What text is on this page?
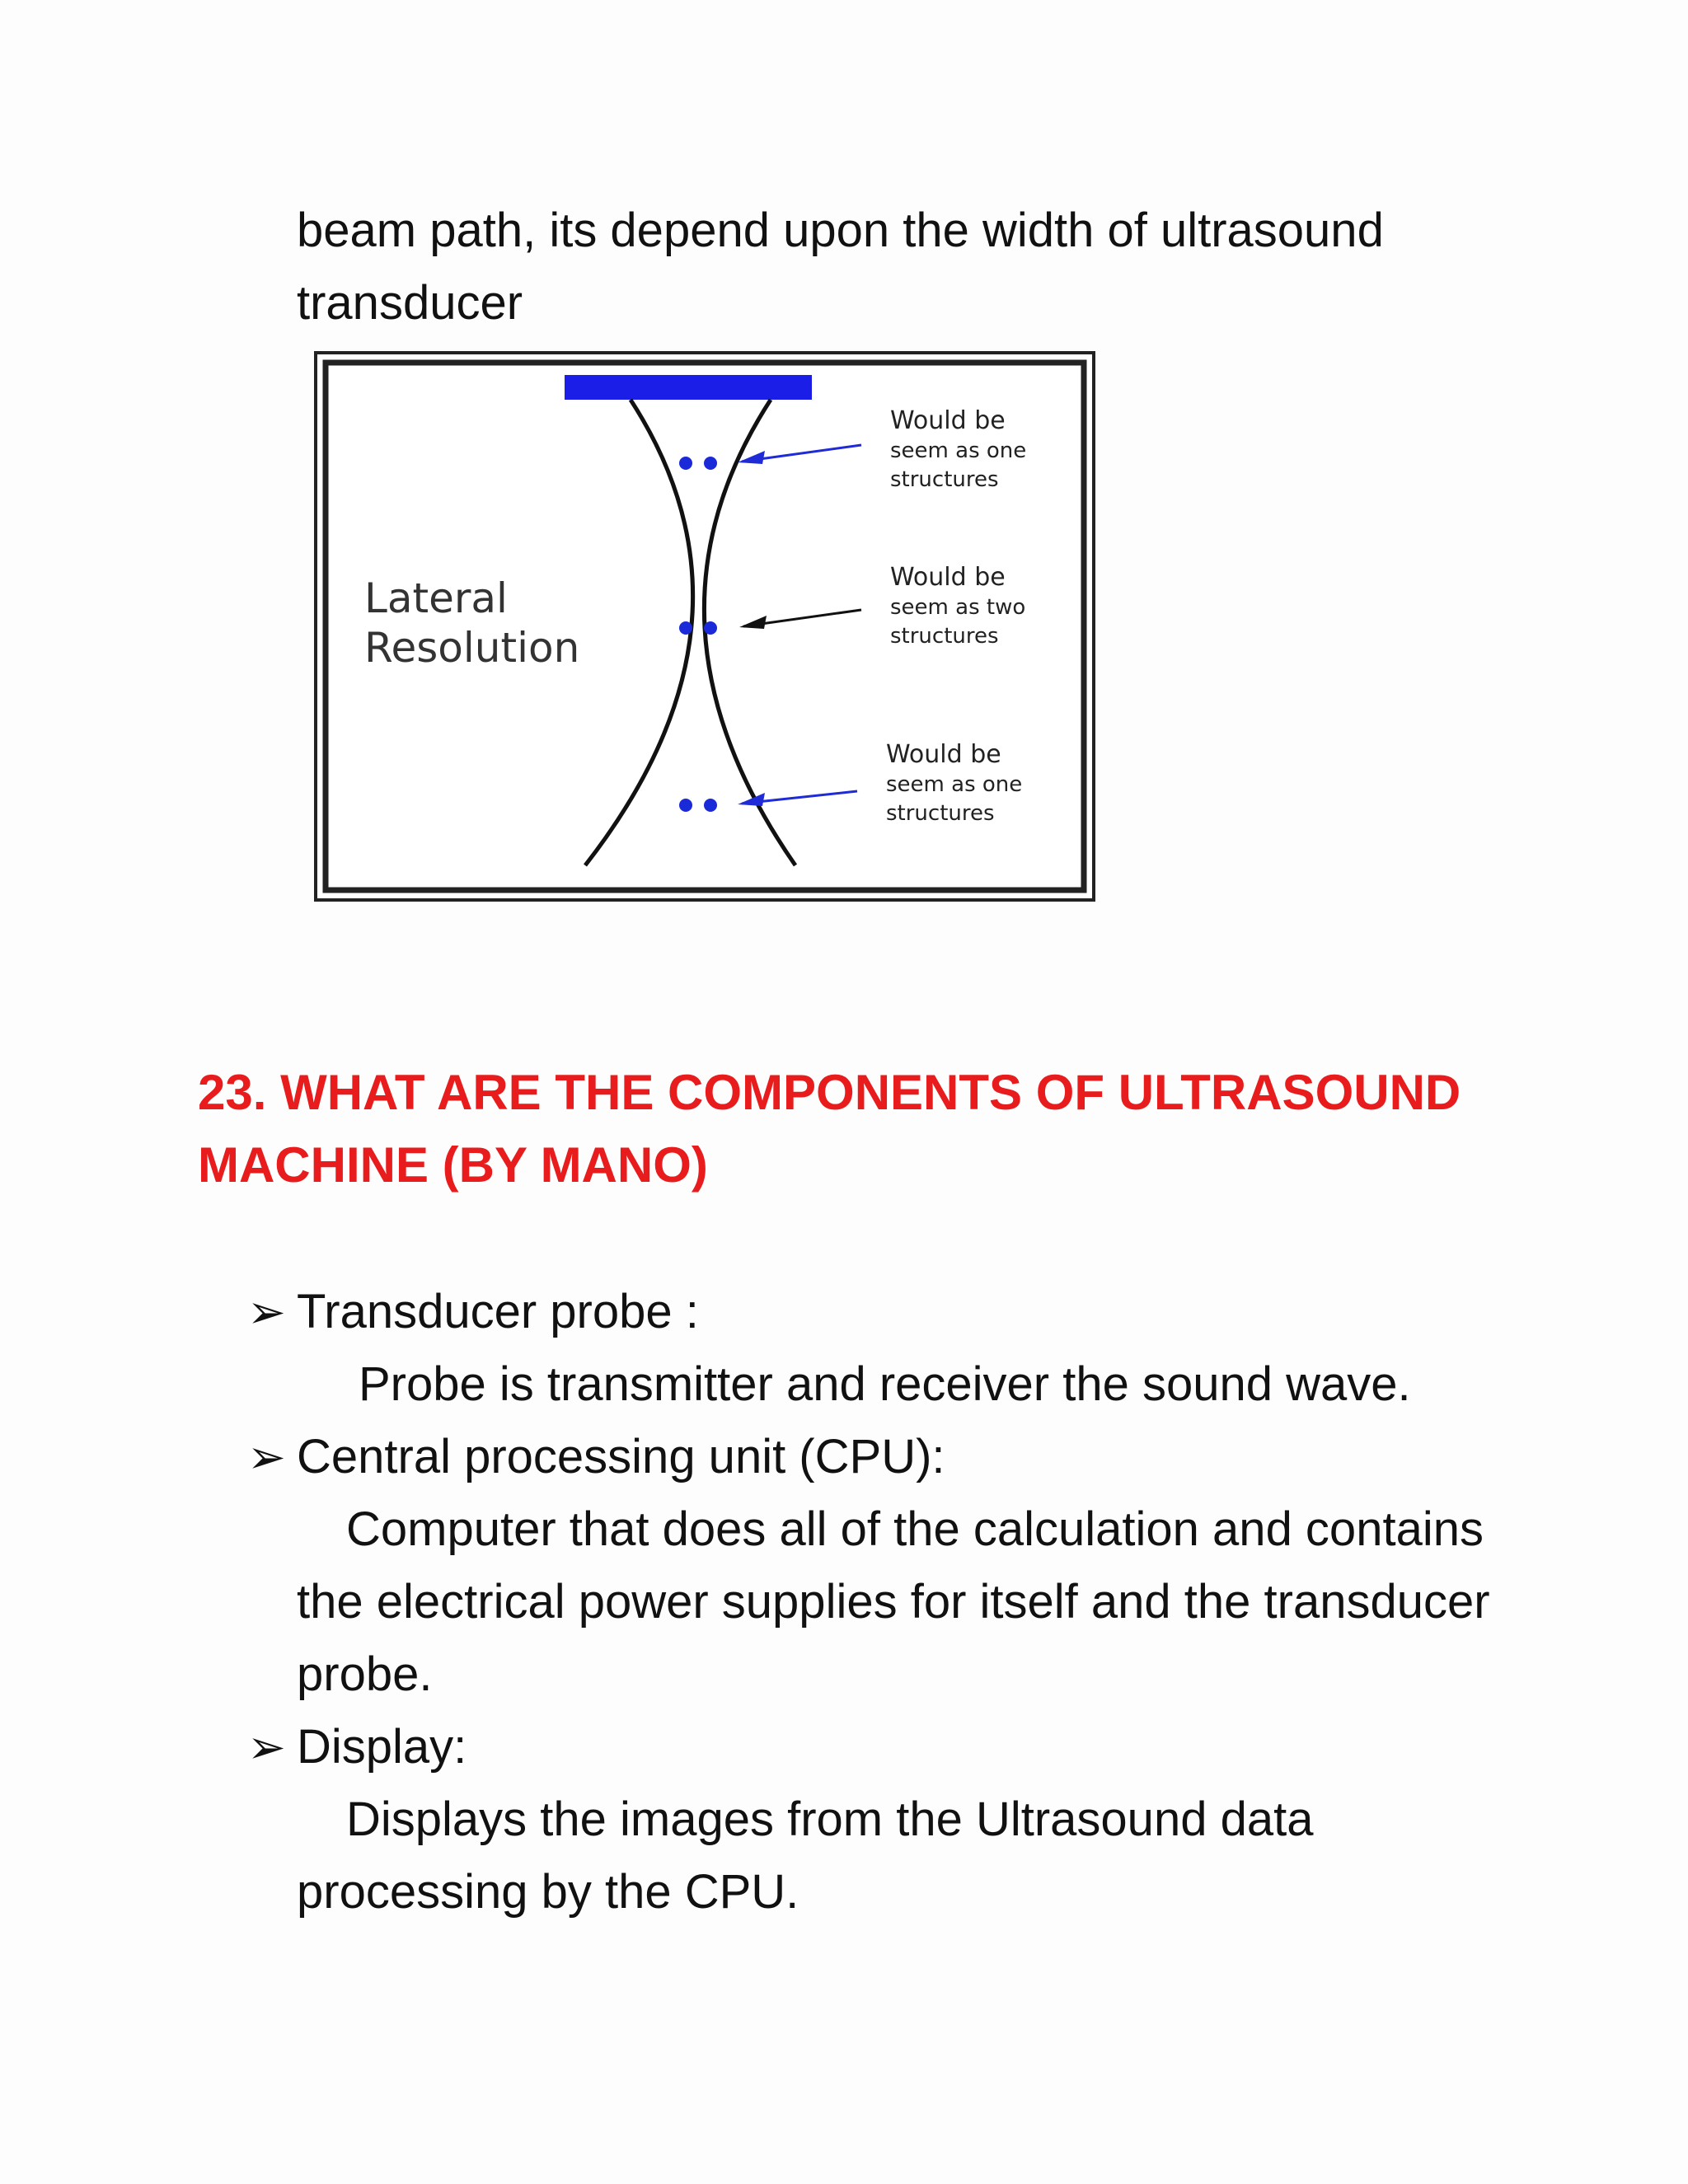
beam path, its depend upon the width of ultrasound transducer
Lateral
Resolution
Would be
seem as one
structures
Would be
seem as two
structures
Would be
seem as one
structures
23. WHAT ARE THE COMPONENTS OF ULTRASOUND MACHINE (BY MANO)
➢ Transducer probe :
Probe is transmitter and receiver the sound wave.
➢ Central processing unit (CPU):
Computer that does all of the calculation and contains the electrical power supplies for itself and the transducer probe.
➢ Display:
Displays the images from the Ultrasound data processing by the CPU.
